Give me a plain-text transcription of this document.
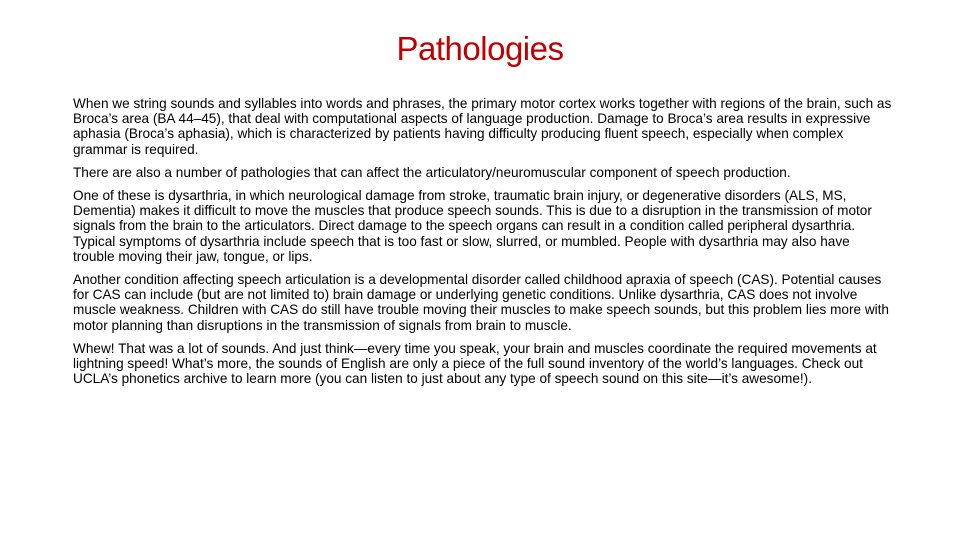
Pathologies

When we string sounds and syllables into words and phrases, the primary motor cortex works together with regions of the brain, such as Broca’s area (BA 44–45), that deal with computational aspects of language production. Damage to Broca’s area results in expressive aphasia (Broca’s aphasia), which is characterized by patients having difficulty producing fluent speech, especially when complex grammar is required.

There are also a number of pathologies that can affect the articulatory/neuromuscular component of speech production.

One of these is dysarthria, in which neurological damage from stroke, traumatic brain injury, or degenerative disorders (ALS, MS, Dementia) makes it difficult to move the muscles that produce speech sounds. This is due to a disruption in the transmission of motor signals from the brain to the articulators. Direct damage to the speech organs can result in a condition called peripheral dysarthria. Typical symptoms of dysarthria include speech that is too fast or slow, slurred, or mumbled. People with dysarthria may also have trouble moving their jaw, tongue, or lips.

Another condition affecting speech articulation is a developmental disorder called childhood apraxia of speech (CAS). Potential causes for CAS can include (but are not limited to) brain damage or underlying genetic conditions. Unlike dysarthria, CAS does not involve muscle weakness. Children with CAS do still have trouble moving their muscles to make speech sounds, but this problem lies more with motor planning than disruptions in the transmission of signals from brain to muscle.

Whew! That was a lot of sounds. And just think—every time you speak, your brain and muscles coordinate the required movements at lightning speed! What’s more, the sounds of English are only a piece of the full sound inventory of the world’s languages. Check out UCLA’s phonetics archive to learn more (you can listen to just about any type of speech sound on this site—it’s awesome!).
